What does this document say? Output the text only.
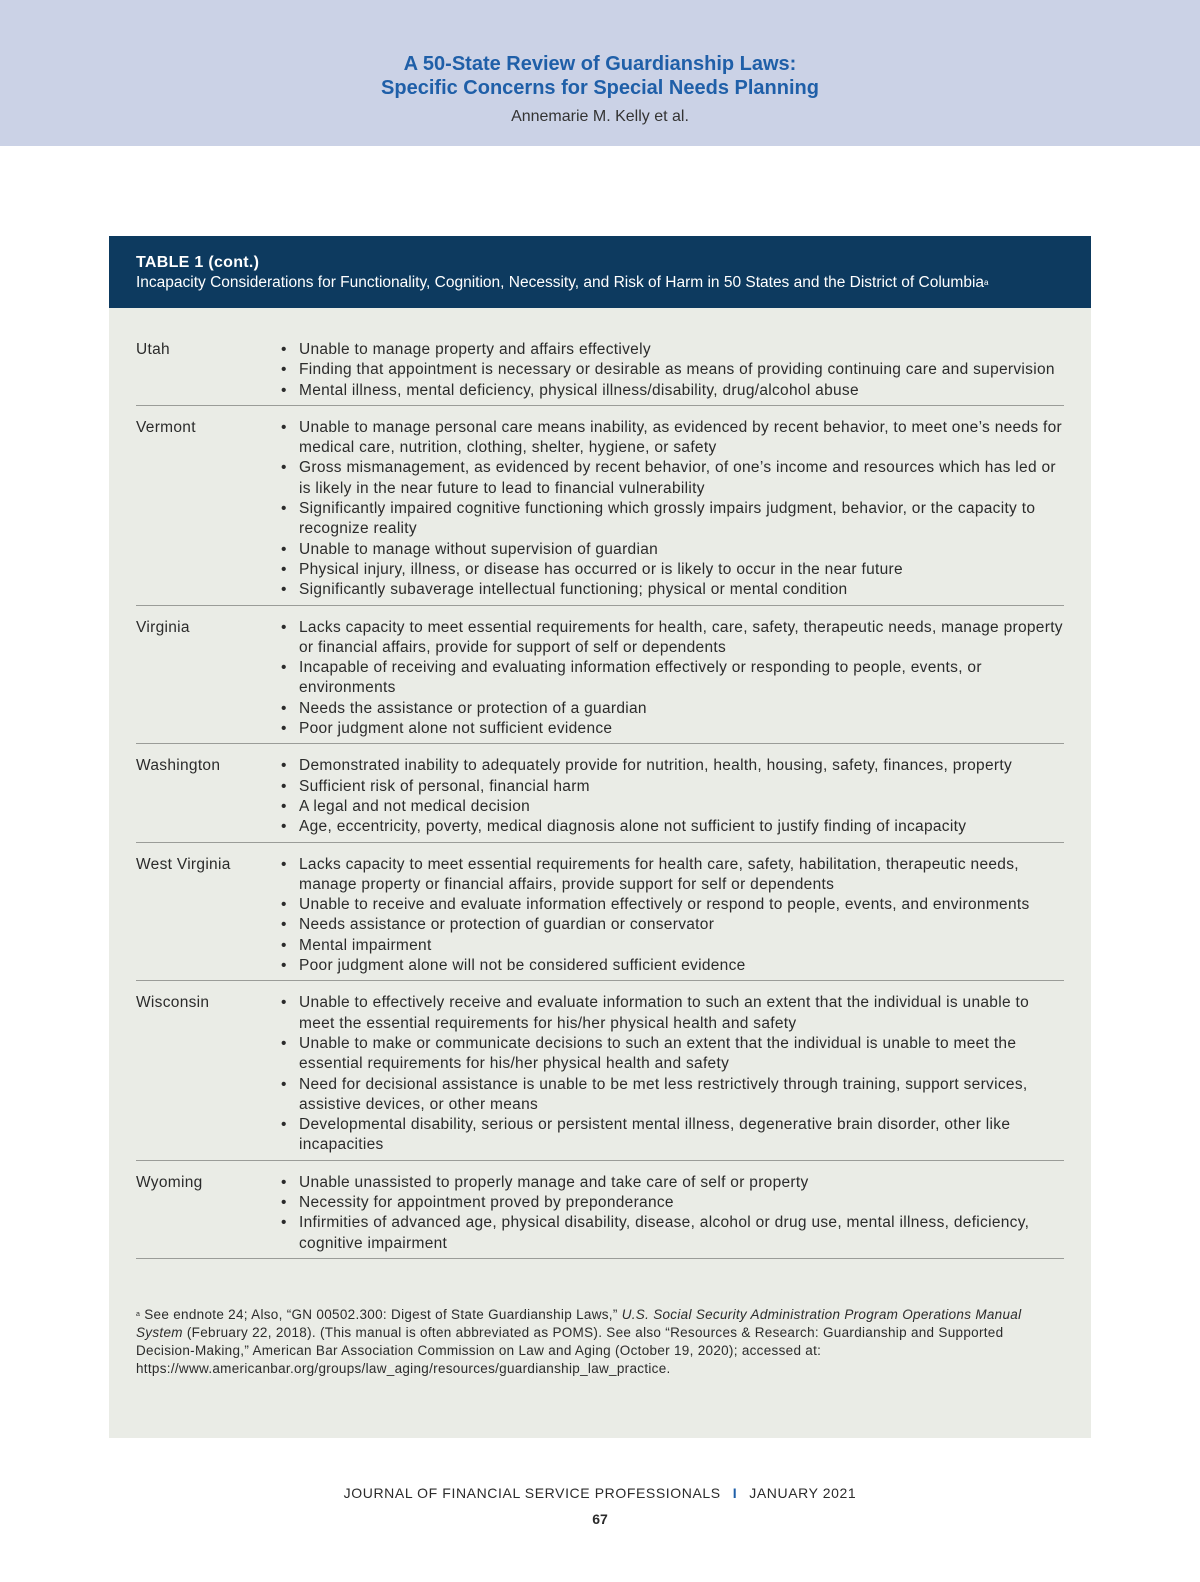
A 50-State Review of Guardianship Laws:
Specific Concerns for Special Needs Planning
Annemarie M. Kelly et al.
TABLE 1 (cont.)
Incapacity Considerations for Functionality, Cognition, Necessity, and Risk of Harm in 50 States and the District of Columbia$^a$
Utah	• Unable to manage property and affairs effectively
• Finding that appointment is necessary or desirable as means of providing continuing care and supervision
• Mental illness, mental deficiency, physical illness/disability, drug/alcohol abuse
Vermont	• Unable to manage personal care means inability, as evidenced by recent behavior, to meet one’s needs for medical care, nutrition, clothing, shelter, hygiene, or safety
• Gross mismanagement, as evidenced by recent behavior, of one’s income and resources which has led or is likely in the near future to lead to financial vulnerability
• Significantly impaired cognitive functioning which grossly impairs judgment, behavior, or the capacity to recognize reality
• Unable to manage without supervision of guardian
• Physical injury, illness, or disease has occurred or is likely to occur in the near future
• Significantly subaverage intellectual functioning; physical or mental condition
Virginia	• Lacks capacity to meet essential requirements for health, care, safety, therapeutic needs, manage property or financial affairs, provide for support of self or dependents
• Incapable of receiving and evaluating information effectively or responding to people, events, or environments
• Needs the assistance or protection of a guardian
• Poor judgment alone not sufficient evidence
Washington	• Demonstrated inability to adequately provide for nutrition, health, housing, safety, finances, property
• Sufficient risk of personal, financial harm
• A legal and not medical decision
• Age, eccentricity, poverty, medical diagnosis alone not sufficient to justify finding of incapacity
West Virginia	• Lacks capacity to meet essential requirements for health care, safety, habilitation, therapeutic needs, manage property or financial affairs, provide support for self or dependents
• Unable to receive and evaluate information effectively or respond to people, events, and environments
• Needs assistance or protection of guardian or conservator
• Mental impairment
• Poor judgment alone will not be considered sufficient evidence
Wisconsin	• Unable to effectively receive and evaluate information to such an extent that the individual is unable to meet the essential requirements for his/her physical health and safety
• Unable to make or communicate decisions to such an extent that the individual is unable to meet the essential requirements for his/her physical health and safety
• Need for decisional assistance is unable to be met less restrictively through training, support services, assistive devices, or other means
• Developmental disability, serious or persistent mental illness, degenerative brain disorder, other like incapacities
Wyoming	• Unable unassisted to properly manage and take care of self or property
• Necessity for appointment proved by preponderance
• Infirmities of advanced age, physical disability, disease, alcohol or drug use, mental illness, deficiency, cognitive impairment
$^a$ See endnote 24; Also, “GN 00502.300: Digest of State Guardianship Laws,” U.S. Social Security Administration Program Operations Manual System (February 22, 2018). (This manual is often abbreviated as POMS). See also “Resources & Research: Guardianship and Supported Decision-Making,” American Bar Association Commission on Law and Aging (October 19, 2020); accessed at: https://www.americanbar.org/groups/law_aging/resources/guardianship_law_practice.
JOURNAL OF FINANCIAL SERVICE PROFESSIONALS I JANUARY 2021
67
